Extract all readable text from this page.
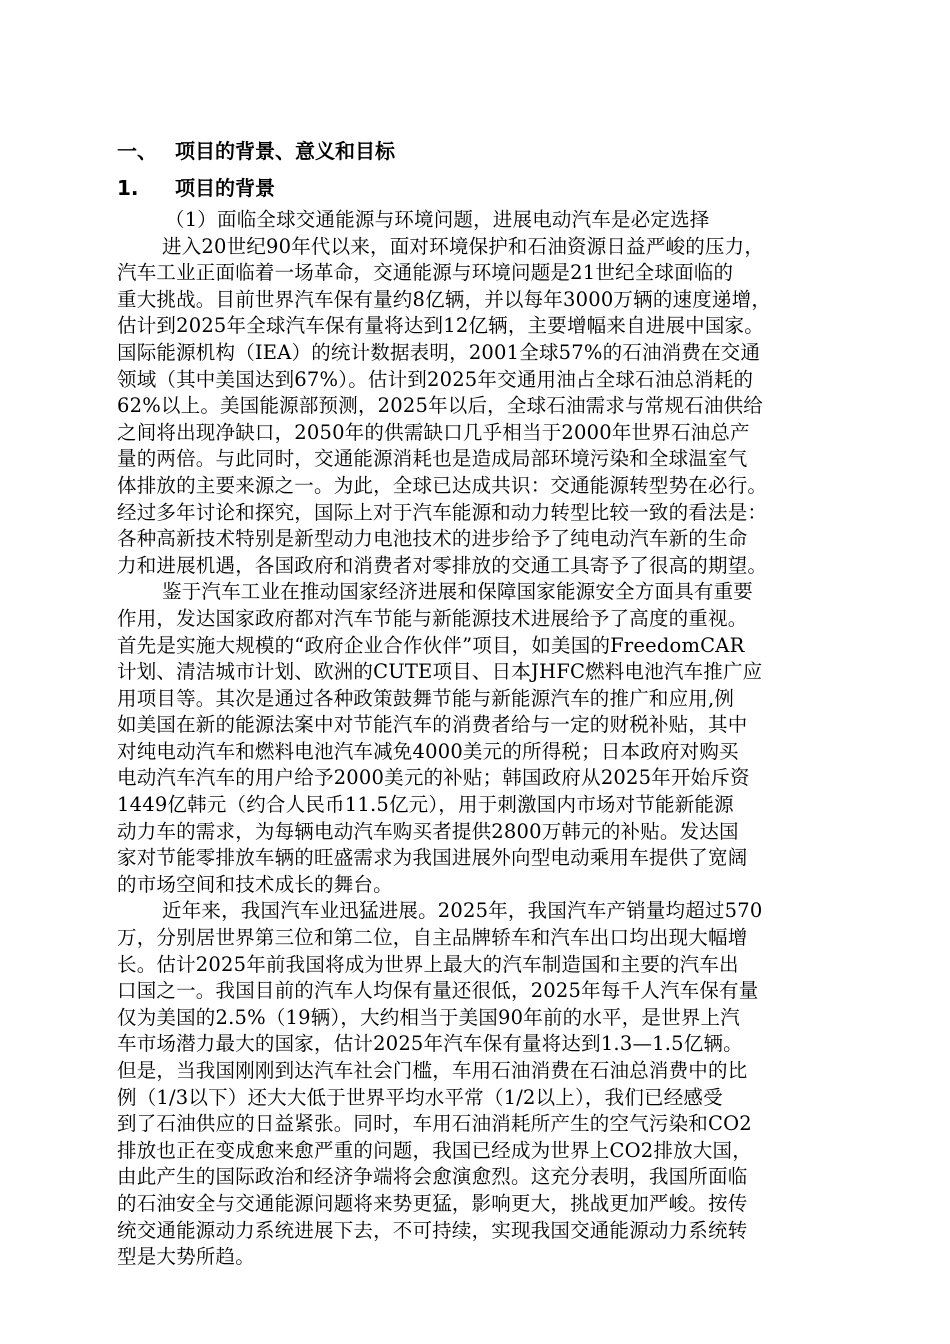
一、 项目的背景、意义和目标
1. 项目的背景
（1）面临全球交通能源与环境问题，进展电动汽车是必定选择
进入20世纪90年代以来，面对环境保护和石油资源日益严峻的压力，
汽车工业正面临着一场革命，交通能源与环境问题是21世纪全球面临的
重大挑战。目前世界汽车保有量约8亿辆，并以每年3000万辆的速度递增，
估计到2025年全球汽车保有量将达到12亿辆，主要增幅来自进展中国家。
国际能源机构（IEA）的统计数据表明，2001全球57%的石油消费在交通
领域（其中美国达到67%）。估计到2025年交通用油占全球石油总消耗的
62%以上。美国能源部预测，2025年以后，全球石油需求与常规石油供给
之间将出现净缺口，2050年的供需缺口几乎相当于2000年世界石油总产
量的两倍。与此同时，交通能源消耗也是造成局部环境污染和全球温室气
体排放的主要来源之一。为此，全球已达成共识：交通能源转型势在必行。
经过多年讨论和探究，国际上对于汽车能源和动力转型比较一致的看法是：
各种高新技术特别是新型动力电池技术的进步给予了纯电动汽车新的生命
力和进展机遇，各国政府和消费者对零排放的交通工具寄予了很高的期望。
鉴于汽车工业在推动国家经济进展和保障国家能源安全方面具有重要
作用，发达国家政府都对汽车节能与新能源技术进展给予了高度的重视。
首先是实施大规模的“政府企业合作伙伴”项目，如美国的FreedomCAR
计划、清洁城市计划、欧洲的CUTE项目、日本JHFC燃料电池汽车推广应
用项目等。其次是通过各种政策鼓舞节能与新能源汽车的推广和应用,例
如美国在新的能源法案中对节能汽车的消费者给与一定的财税补贴，其中
对纯电动汽车和燃料电池汽车减免4000美元的所得税；日本政府对购买
电动汽车汽车的用户给予2000美元的补贴；韩国政府从2025年开始斥资
1449亿韩元（约合人民币11.5亿元），用于刺激国内市场对节能新能源
动力车的需求，为每辆电动汽车购买者提供2800万韩元的补贴。发达国
家对节能零排放车辆的旺盛需求为我国进展外向型电动乘用车提供了宽阔
的市场空间和技术成长的舞台。
近年来，我国汽车业迅猛进展。2025年，我国汽车产销量均超过570
万，分别居世界第三位和第二位，自主品牌轿车和汽车出口均出现大幅增
长。估计2025年前我国将成为世界上最大的汽车制造国和主要的汽车出
口国之一。我国目前的汽车人均保有量还很低，2025年每千人汽车保有量
仅为美国的2.5%（19辆），大约相当于美国90年前的水平，是世界上汽
车市场潜力最大的国家，估计2025年汽车保有量将达到1.3—1.5亿辆。
但是，当我国刚刚到达汽车社会门槛，车用石油消费在石油总消费中的比
例（1/3以下）还大大低于世界平均水平常（1/2以上），我们已经感受
到了石油供应的日益紧张。同时，车用石油消耗所产生的空气污染和CO2
排放也正在变成愈来愈严重的问题，我国已经成为世界上CO2排放大国，
由此产生的国际政治和经济争端将会愈演愈烈。这充分表明，我国所面临
的石油安全与交通能源问题将来势更猛，影响更大，挑战更加严峻。按传
统交通能源动力系统进展下去，不可持续，实现我国交通能源动力系统转
型是大势所趋。
